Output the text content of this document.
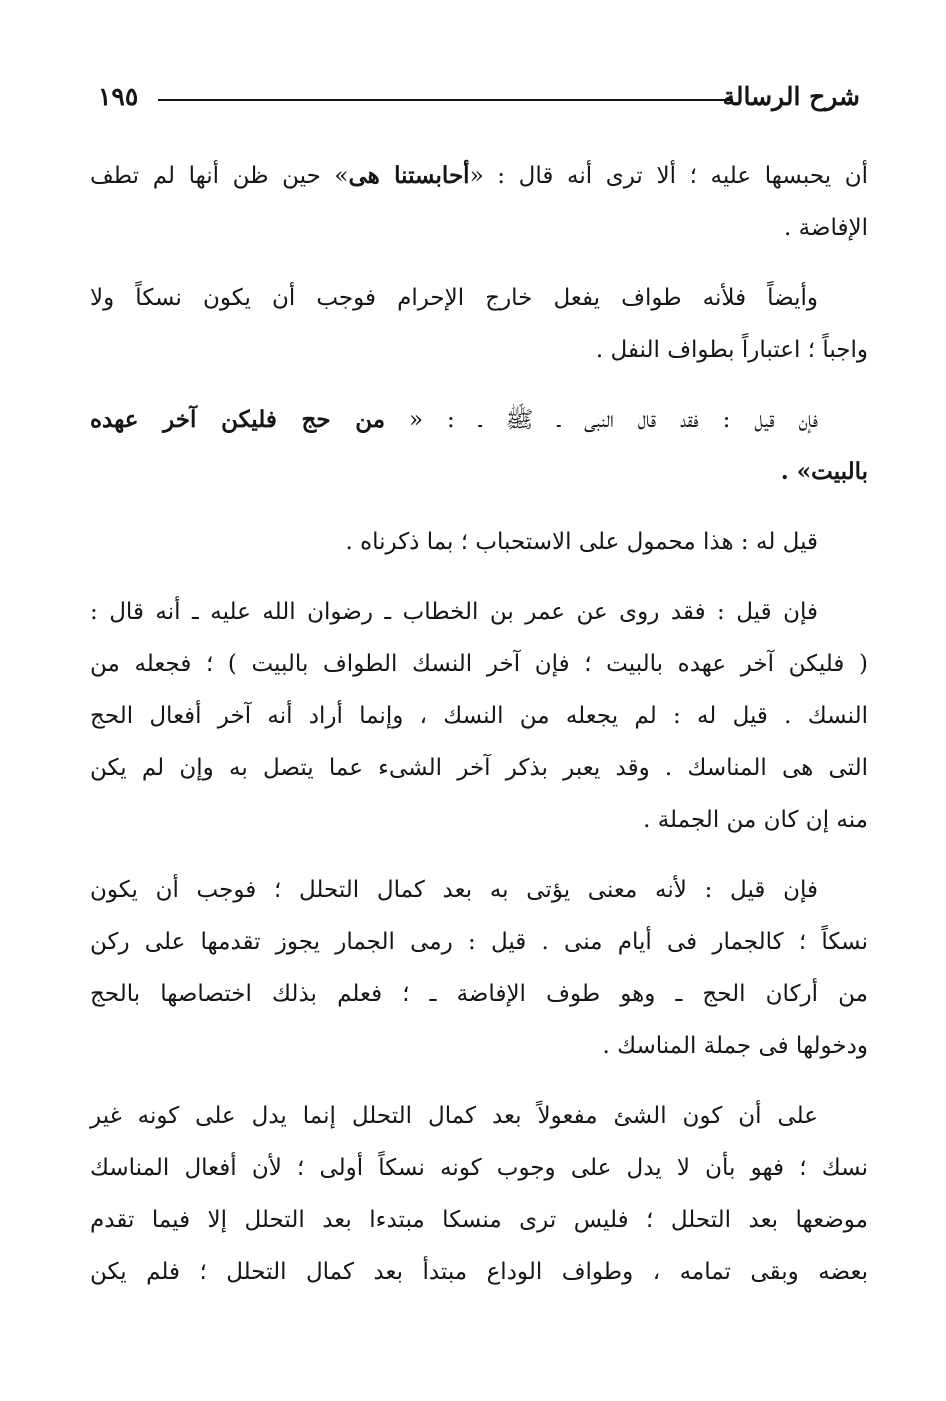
شرح الرسالة
١٩٥
أن يحبسها عليه ؛ ألا ترى أنه قال : «أحابستنا هى» حين ظن أنها لم تطف
الإفاضة .
وأيضاً فلأنه طواف يفعل خارج الإحرام فوجب أن يكون نسكاً ولا
واجباً ؛ اعتباراً بطواف النفل .
فإن قيل : فقد قال النبى ـ ﷺ ـ : « من حج فليكن آخر عهده
بالبيت» .
قيل له : هذا محمول على الاستحباب ؛ بما ذكرناه .
فإن قيل : فقد روى عن عمر بن الخطاب ـ رضوان الله عليه ـ أنه قال :
( فليكن آخر عهده بالبيت ؛ فإن آخر النسك الطواف بالبيت ) ؛ فجعله من
النسك . قيل له : لم يجعله من النسك ، وإنما أراد أنه آخر أفعال الحج
التى هى المناسك . وقد يعبر بذكر آخر الشىء عما يتصل به وإن لم يكن
منه إن كان من الجملة .
فإن قيل : لأنه معنى يؤتى به بعد كمال التحلل ؛ فوجب أن يكون
نسكاً ؛ كالجمار فى أيام منى . قيل : رمى الجمار يجوز تقدمها على ركن
من أركان الحج ـ وهو طوف الإفاضة ـ ؛ فعلم بذلك اختصاصها بالحج
ودخولها فى جملة المناسك .
على أن كون الشئ مفعولاً بعد كمال التحلل إنما يدل على كونه غير
نسك ؛ فهو بأن لا يدل على وجوب كونه نسكاً أولى ؛ لأن أفعال المناسك
موضعها بعد التحلل ؛ فليس ترى منسكا مبتدءا بعد التحلل إلا فيما تقدم
بعضه وبقى تمامه ، وطواف الوداع مبتدأ بعد كمال التحلل ؛ فلم يكن
